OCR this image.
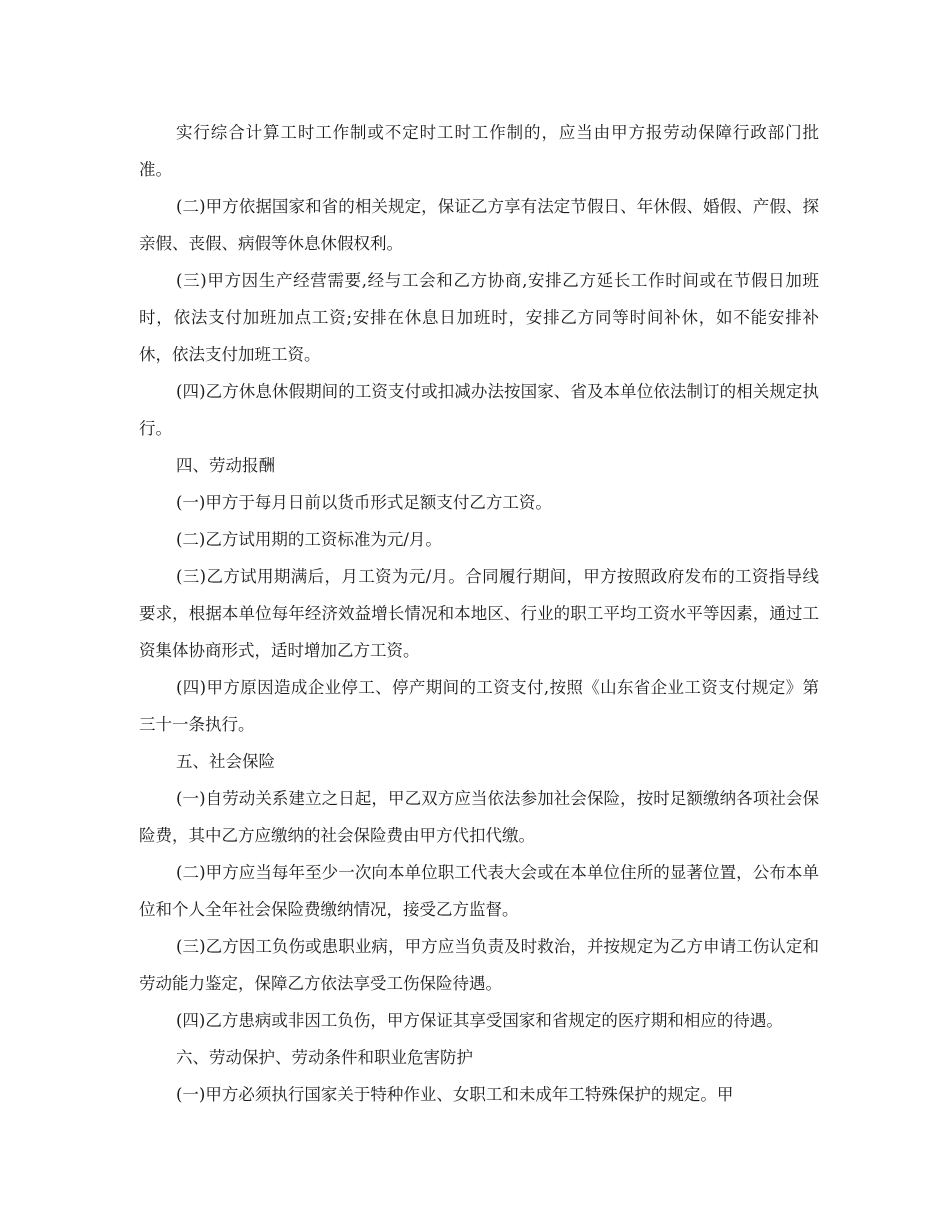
实行综合计算工时工作制或不定时工时工作制的，应当由甲方报劳动保障行政部门批准。

(二)甲方依据国家和省的相关规定，保证乙方享有法定节假日、年休假、婚假、产假、探亲假、丧假、病假等休息休假权利。

(三)甲方因生产经营需要,经与工会和乙方协商,安排乙方延长工作时间或在节假日加班时，依法支付加班加点工资;安排在休息日加班时，安排乙方同等时间补休，如不能安排补休，依法支付加班工资。

(四)乙方休息休假期间的工资支付或扣减办法按国家、省及本单位依法制订的相关规定执行。

四、劳动报酬

(一)甲方于每月日前以货币形式足额支付乙方工资。

(二)乙方试用期的工资标准为元/月。

(三)乙方试用期满后，月工资为元/月。合同履行期间，甲方按照政府发布的工资指导线要求，根据本单位每年经济效益增长情况和本地区、行业的职工平均工资水平等因素，通过工资集体协商形式，适时增加乙方工资。

(四)甲方原因造成企业停工、停产期间的工资支付,按照《山东省企业工资支付规定》第三十一条执行。

五、社会保险

(一)自劳动关系建立之日起，甲乙双方应当依法参加社会保险，按时足额缴纳各项社会保险费，其中乙方应缴纳的社会保险费由甲方代扣代缴。

(二)甲方应当每年至少一次向本单位职工代表大会或在本单位住所的显著位置，公布本单位和个人全年社会保险费缴纳情况，接受乙方监督。

(三)乙方因工负伤或患职业病，甲方应当负责及时救治，并按规定为乙方申请工伤认定和劳动能力鉴定，保障乙方依法享受工伤保险待遇。

(四)乙方患病或非因工负伤，甲方保证其享受国家和省规定的医疗期和相应的待遇。

六、劳动保护、劳动条件和职业危害防护

(一)甲方必须执行国家关于特种作业、女职工和未成年工特殊保护的规定。甲
